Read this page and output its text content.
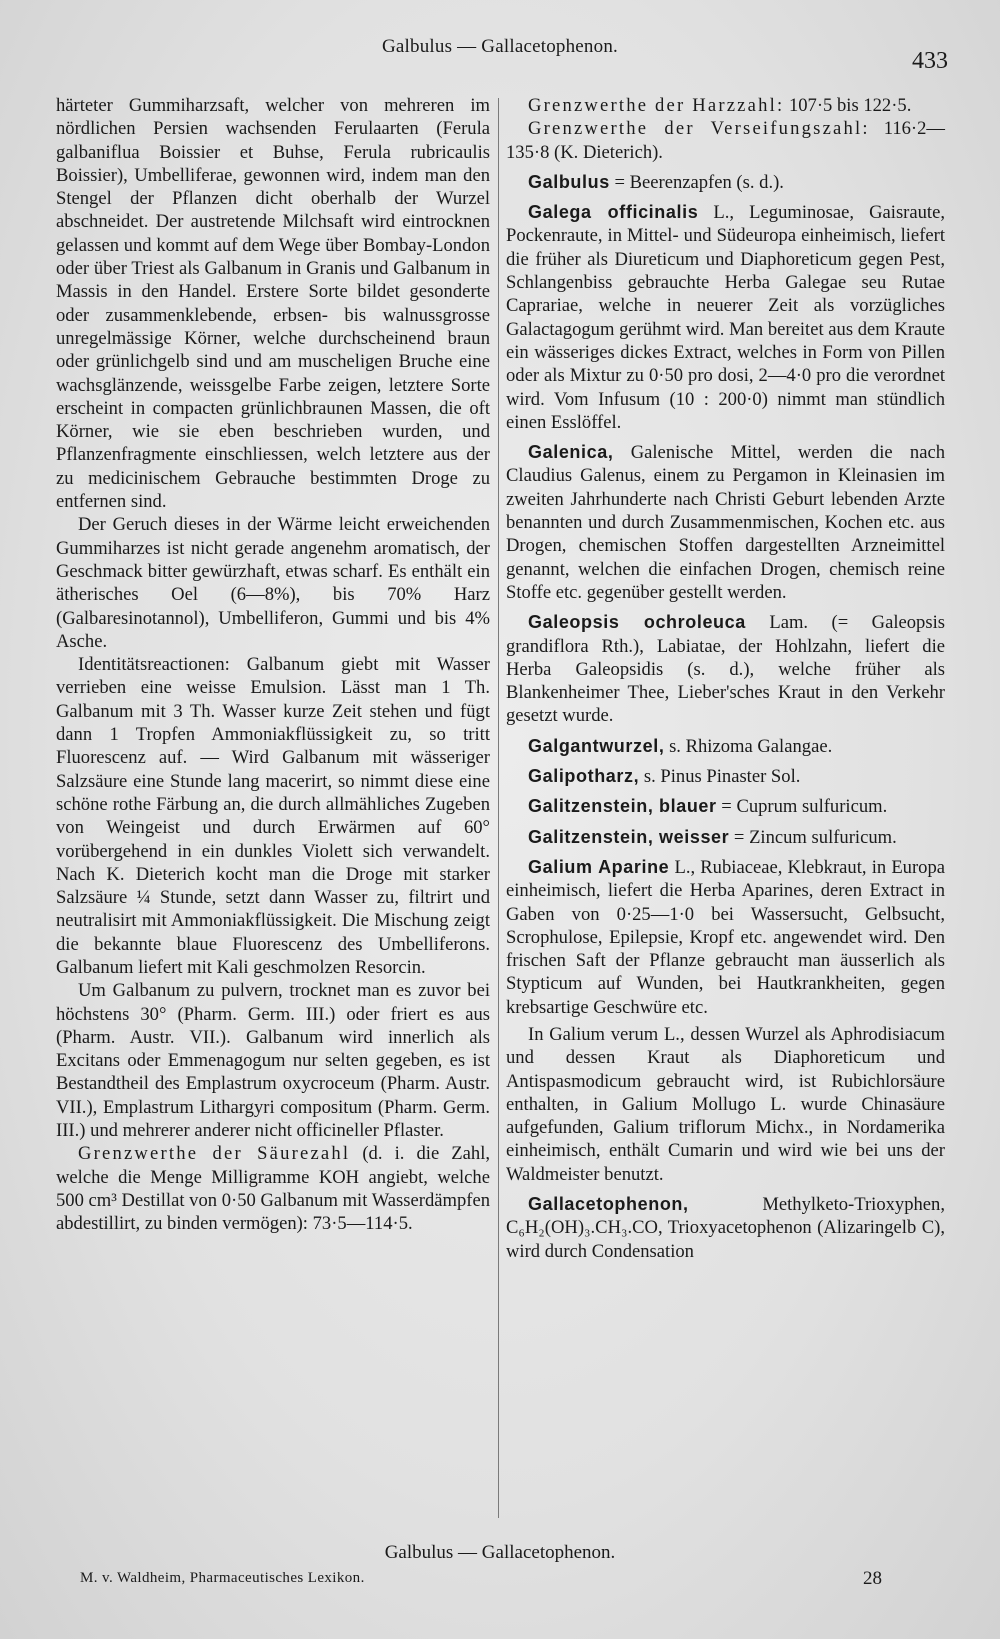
Galbulus — Gallacetophenon.
433

härteter Gummiharzsaft, welcher von mehreren im nördlichen Persien wachsenden Ferulaarten (Ferula galbaniflua Boissier et Buhse, Ferula rubricaulis Boissier), Umbelliferae, gewonnen wird, indem man den Stengel der Pflanzen dicht oberhalb der Wurzel abschneidet. Der austretende Milchsaft wird eintrocknen gelassen und kommt auf dem Wege über Bombay-London oder über Triest als Galbanum in Granis und Galbanum in Massis in den Handel. Erstere Sorte bildet gesonderte oder zusammenklebende, erbsen- bis walnussgrosse unregelmässige Körner, welche durchscheinend braun oder grünlichgelb sind und am muscheligen Bruche eine wachsglänzende, weissgelbe Farbe zeigen, letztere Sorte erscheint in compacten grünlichbraunen Massen, die oft Körner, wie sie eben beschrieben wurden, und Pflanzenfragmente einschliessen, welch letztere aus der zu medicinischem Gebrauche bestimmten Droge zu entfernen sind.

Der Geruch dieses in der Wärme leicht erweichenden Gummiharzes ist nicht gerade angenehm aromatisch, der Geschmack bitter gewürzhaft, etwas scharf. Es enthält ein ätherisches Oel (6—8%), bis 70% Harz (Galbaresinotannol), Umbelliferon, Gummi und bis 4% Asche.

Identitätsreactionen: Galbanum giebt mit Wasser verrieben eine weisse Emulsion. Lässt man 1 Th. Galbanum mit 3 Th. Wasser kurze Zeit stehen und fügt dann 1 Tropfen Ammoniakflüssigkeit zu, so tritt Fluorescenz auf. — Wird Galbanum mit wässeriger Salzsäure eine Stunde lang macerirt, so nimmt diese eine schöne rothe Färbung an, die durch allmähliches Zugeben von Weingeist und durch Erwärmen auf 60° vorübergehend in ein dunkles Violett sich verwandelt. Nach K. Dieterich kocht man die Droge mit starker Salzsäure ¼ Stunde, setzt dann Wasser zu, filtrirt und neutralisirt mit Ammoniakflüssigkeit. Die Mischung zeigt die bekannte blaue Fluorescenz des Umbelliferons. Galbanum liefert mit Kali geschmolzen Resorcin.

Um Galbanum zu pulvern, trocknet man es zuvor bei höchstens 30° (Pharm. Germ. III.) oder friert es aus (Pharm. Austr. VII.). Galbanum wird innerlich als Excitans oder Emmenagogum nur selten gegeben, es ist Bestandtheil des Emplastrum oxycroceum (Pharm. Austr. VII.), Emplastrum Lithargyri compositum (Pharm. Germ. III.) und mehrerer anderer nicht officineller Pflaster.

Grenzwerthe der Säurezahl (d. i. die Zahl, welche die Menge Milligramme KOH angiebt, welche 500 cm³ Destillat von 0·50 Galbanum mit Wasserdämpfen abdestillirt, zu binden vermögen): 73·5—114·5.

Grenzwerthe der Harzzahl: 107·5 bis 122·5.

Grenzwerthe der Verseifungszahl: 116·2—135·8 (K. Dieterich).

Galbulus = Beerenzapfen (s. d.).

Galega officinalis L., Leguminosae, Gaisraute, Pockenraute, in Mittel- und Südeuropa einheimisch, liefert die früher als Diureticum und Diaphoreticum gegen Pest, Schlangenbiss gebrauchte Herba Galegae seu Rutae Caprariae, welche in neuerer Zeit als vorzügliches Galactagogum gerühmt wird. Man bereitet aus dem Kraute ein wässeriges dickes Extract, welches in Form von Pillen oder als Mixtur zu 0·50 pro dosi, 2—4·0 pro die verordnet wird. Vom Infusum (10 : 200·0) nimmt man stündlich einen Esslöffel.

Galenica, Galenische Mittel, werden die nach Claudius Galenus, einem zu Pergamon in Kleinasien im zweiten Jahrhunderte nach Christi Geburt lebenden Arzte benannten und durch Zusammenmischen, Kochen etc. aus Drogen, chemischen Stoffen dargestellten Arzneimittel genannt, welchen die einfachen Drogen, chemisch reine Stoffe etc. gegenüber gestellt werden.

Galeopsis ochroleuca Lam. (= Galeopsis grandiflora Rth.), Labiatae, der Hohlzahn, liefert die Herba Galeopsidis (s. d.), welche früher als Blankenheimer Thee, Lieber'sches Kraut in den Verkehr gesetzt wurde.

Galgantwurzel, s. Rhizoma Galangae.

Galipotharz, s. Pinus Pinaster Sol.

Galitzenstein, blauer = Cuprum sulfuricum.

Galitzenstein, weisser = Zincum sulfuricum.

Galium Aparine L., Rubiaceae, Klebkraut, in Europa einheimisch, liefert die Herba Aparines, deren Extract in Gaben von 0·25—1·0 bei Wassersucht, Gelbsucht, Scrophulose, Epilepsie, Kropf etc. angewendet wird. Den frischen Saft der Pflanze gebraucht man äusserlich als Stypticum auf Wunden, bei Hautkrankheiten, gegen krebsartige Geschwüre etc.

In Galium verum L., dessen Wurzel als Aphrodisiacum und dessen Kraut als Diaphoreticum und Antispasmodicum gebraucht wird, ist Rubichlorsäure enthalten, in Galium Mollugo L. wurde Chinasäure aufgefunden, Galium triflorum Michx., in Nordamerika einheimisch, enthält Cumarin und wird wie bei uns der Waldmeister benutzt.

Gallacetophenon, Methylketo-Trioxyphen, C₆H₂(OH)₃.CH₃.CO, Trioxyacetophenon (Alizaringelb C), wird durch Condensation

Galbulus — Gallacetophenon.
M. v. Waldheim, Pharmaceutisches Lexikon.	28
